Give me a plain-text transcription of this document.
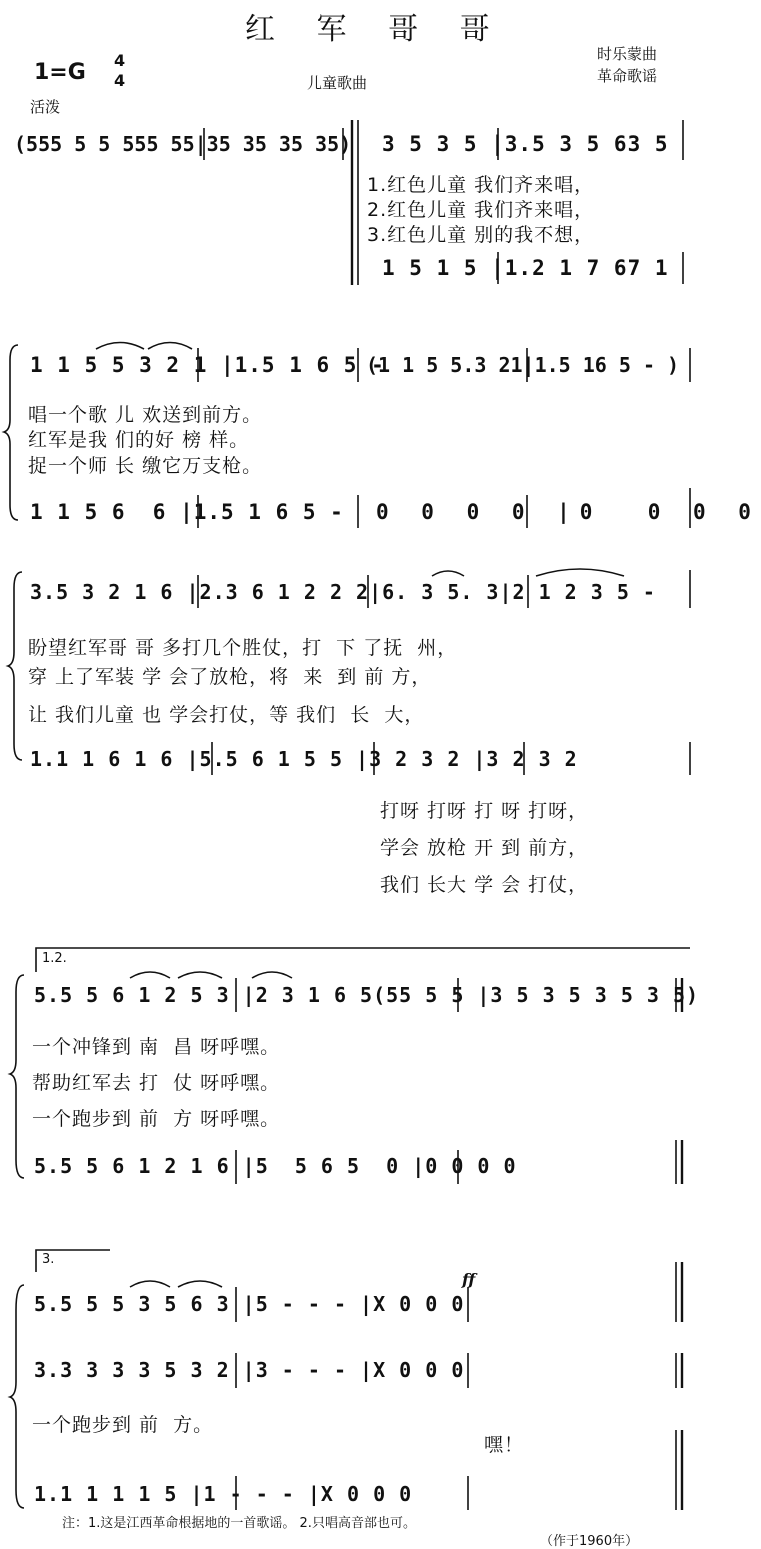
红 军 哥 哥
1=G 4
4	儿童歌曲
时乐蒙曲
革命歌谣
活泼
(555 5 5 555 55|35 35 35 35) 3 5 3 5 |3.5 3 5 63 5
1.红色儿童 我们齐来唱，
2.红色儿童 我们齐来唱，
3.红色儿童 别的我不想，
1 5 1 5 |1.2 1 7 67 1
1 1 5 5 3 2 1 |1.5 1 6 5 -
(1 1 5 5.3 21|1.5 16 5 - )
唱一个歌 儿 欢送到前方。
红军是我 们的好 榜 样。
捉一个师 长 缴它万支枪。
1 1 5 6  6 |1.5 1 6 5 - 0 0 0 0 |0  0 0 0
3.5 3 2 1 6 |2.3 6 1 2 2 2|6. 3 5. 3|2 1 2 3 5 -
盼望红军哥 哥 多打几个胜仗，打  下 了抚  州，
穿 上了军装 学 会了放枪，将  来  到 前 方，
让 我们儿童 也 学会打仗，等 我们  长  大，
1.1 1 6 1 6 |5.5 6 1 5 5 |3 2 3 2 |3 2 3 2
打呀 打呀 打 呀 打呀，
学会 放枪 开 到 前方，
我们 长大 学 会 打仗，
1.2.
5.5 5 6 1 2 5 3 |2 3 1 6 5(55 5 5 |3 5 3 5 3 5 3 5)
一个冲锋到 南  昌 呀呼嘿。
帮助红军去 打  仗 呀呼嘿。
一个跑步到 前  方 呀呼嘿。
5.5 5 6 1 2 1 6 |5  5 6 5  0 |0 0 0 0
3.
ff
5.5 5 5 3 5 6 3 |5 - - - |X 0 0 0
3.3 3 3 3 5 3 2 |3 - - - |X 0 0 0
一个跑步到 前  方。
嘿！
1.1 1 1 1 5 |1 - - - |X 0 0 0
注：1.这是江西革命根据地的一首歌谣。 2.只唱高音部也可。
（作于1960年）
